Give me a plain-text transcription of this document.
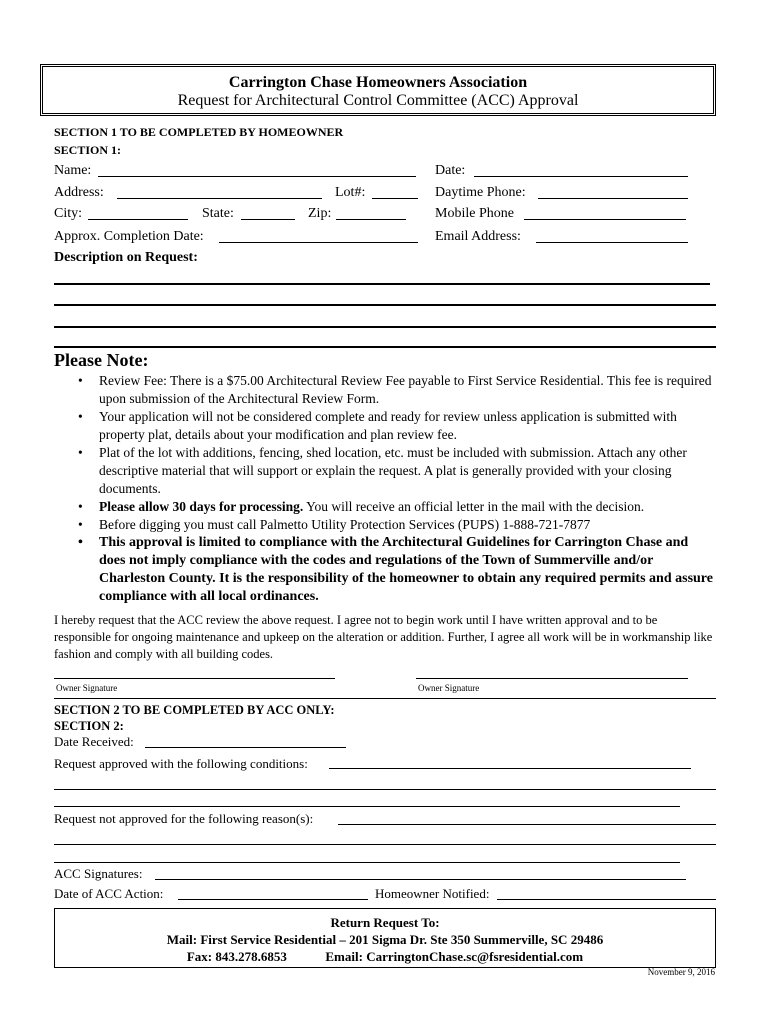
Carrington Chase Homeowners Association
Request for Architectural Control Committee (ACC) Approval
SECTION 1 TO BE COMPLETED BY HOMEOWNER
SECTION 1:
Name:	Date:
Address:	Lot#:	Daytime Phone:
City:	State:	Zip:	Mobile Phone
Approx. Completion Date:	Email Address:
Description on Request:
Please Note:
• Review Fee: There is a $75.00 Architectural Review Fee payable to First Service Residential. This fee is required upon submission of the Architectural Review Form.
• Your application will not be considered complete and ready for review unless application is submitted with property plat, details about your modification and plan review fee.
• Plat of the lot with additions, fencing, shed location, etc. must be included with submission. Attach any other descriptive material that will support or explain the request. A plat is generally provided with your closing documents.
• Please allow 30 days for processing. You will receive an official letter in the mail with the decision.
• Before digging you must call Palmetto Utility Protection Services (PUPS) 1-888-721-7877
• This approval is limited to compliance with the Architectural Guidelines for Carrington Chase and does not imply compliance with the codes and regulations of the Town of Summerville and/or Charleston County. It is the responsibility of the homeowner to obtain any required permits and assure compliance with all local ordinances.
I hereby request that the ACC review the above request. I agree not to begin work until I have written approval and to be responsible for ongoing maintenance and upkeep on the alteration or addition. Further, I agree all work will be in workmanship like fashion and comply with all building codes.
Owner Signature	Owner Signature
SECTION 2 TO BE COMPLETED BY ACC ONLY:
SECTION 2:
Date Received:
Request approved with the following conditions:
Request not approved for the following reason(s):
ACC Signatures:
Date of ACC Action:	Homeowner Notified:
Return Request To:
Mail: First Service Residential – 201 Sigma Dr. Ste 350 Summerville, SC 29486
Fax: 843.278.6853	Email: CarringtonChase.sc@fsresidential.com
November 9, 2016
